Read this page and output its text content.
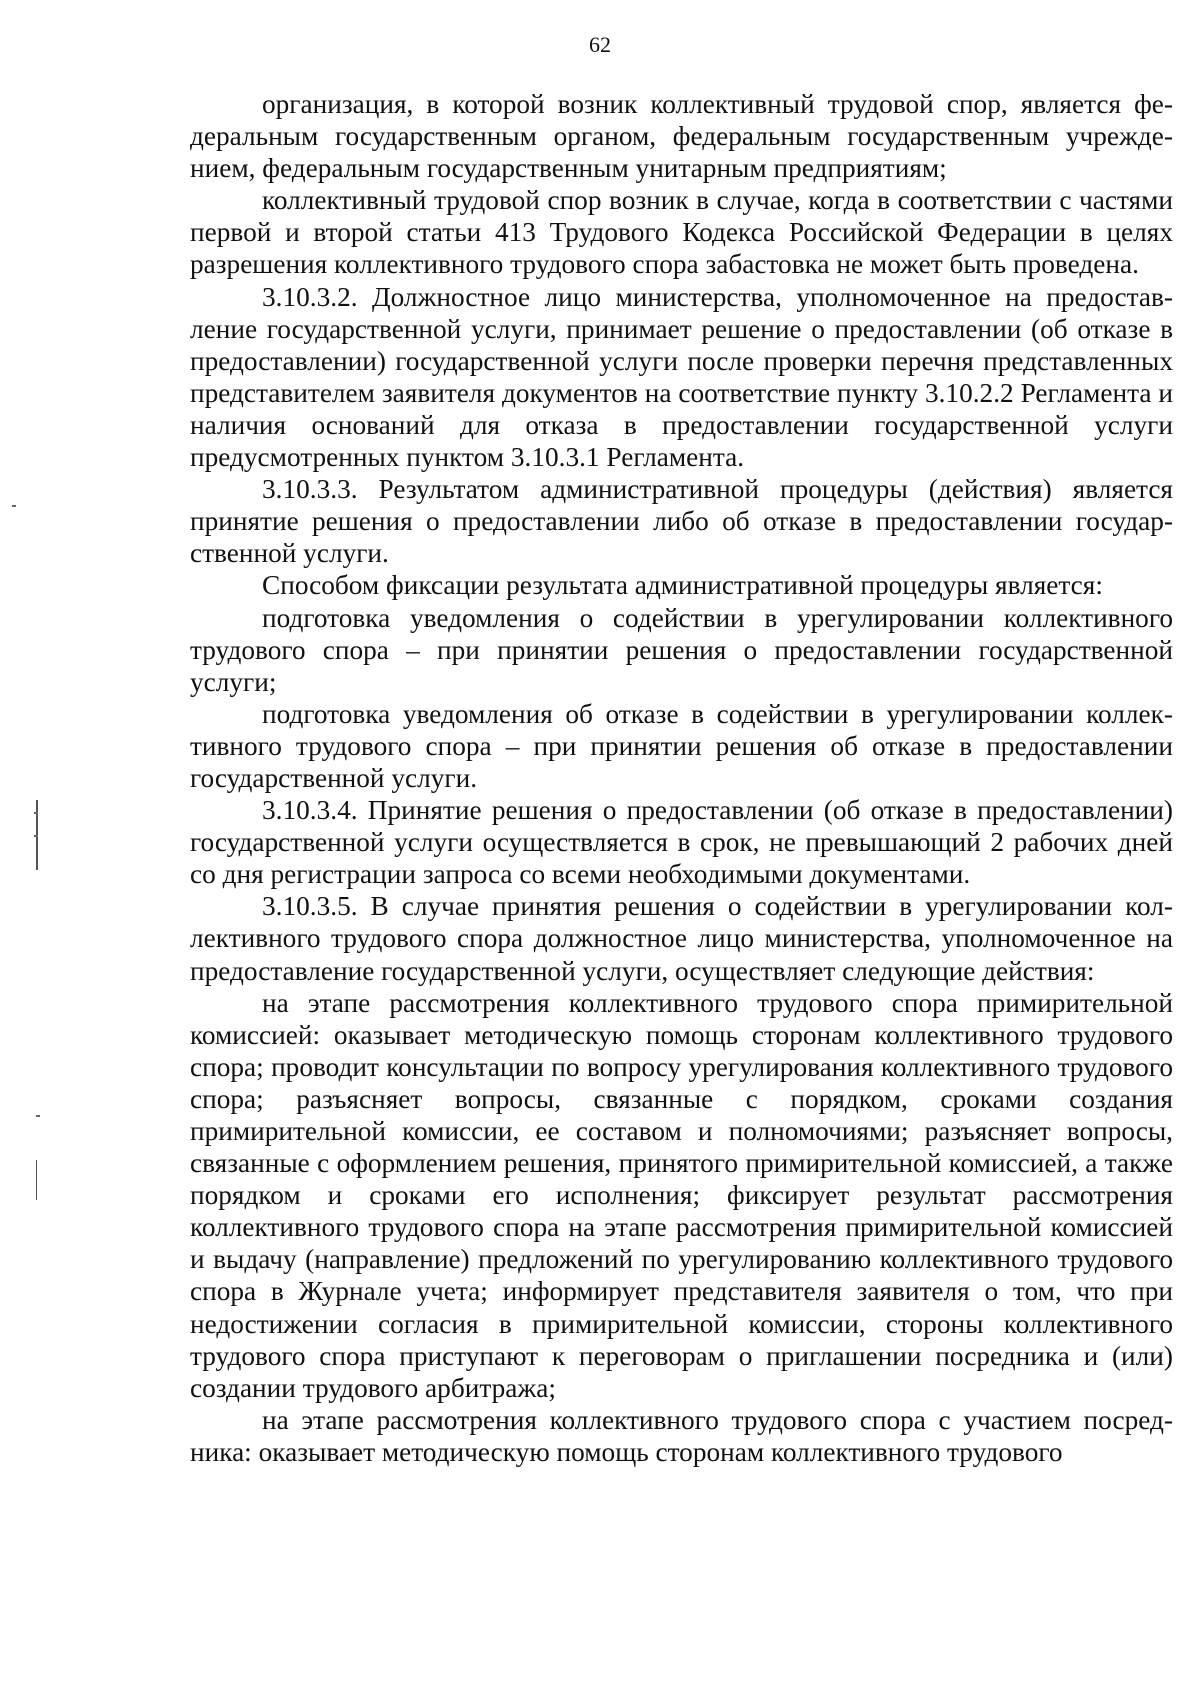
62

организация, в которой возник коллективный трудовой спор, является федеральным государственным органом, федеральным государственным учреждением, федеральным государственным унитарным предприятиям;

коллективный трудовой спор возник в случае, когда в соответствии с частями первой и второй статьи 413 Трудового Кодекса Российской Федерации в целях разрешения коллективного трудового спора забастовка не может быть проведена.

3.10.3.2. Должностное лицо министерства, уполномоченное на предоставление государственной услуги, принимает решение о предоставлении (об отказе в предоставлении) государственной услуги после проверки перечня представленных представителем заявителя документов на соответствие пункту 3.10.2.2 Регламента и наличия оснований для отказа в предоставлении государственной услуги предусмотренных пунктом 3.10.3.1 Регламента.

3.10.3.3. Результатом административной процедуры (действия) является принятие решения о предоставлении либо об отказе в предоставлении государственной услуги.

Способом фиксации результата административной процедуры является:

подготовка уведомления о содействии в урегулировании коллективного трудового спора – при принятии решения о предоставлении государственной услуги;

подготовка уведомления об отказе в содействии в урегулировании коллективного трудового спора – при принятии решения об отказе в предоставлении государственной услуги.

3.10.3.4. Принятие решения о предоставлении (об отказе в предоставлении) государственной услуги осуществляется в срок, не превышающий 2 рабочих дней со дня регистрации запроса со всеми необходимыми документами.

3.10.3.5. В случае принятия решения о содействии в урегулировании коллективного трудового спора должностное лицо министерства, уполномоченное на предоставление государственной услуги, осуществляет следующие действия:

на этапе рассмотрения коллективного трудового спора примирительной комиссией: оказывает методическую помощь сторонам коллективного трудового спора; проводит консультации по вопросу урегулирования коллективного трудового спора; разъясняет вопросы, связанные с порядком, сроками создания примирительной комиссии, ее составом и полномочиями; разъясняет вопросы, связанные с оформлением решения, принятого примирительной комиссией, а также порядком и сроками его исполнения; фиксирует результат рассмотрения коллективного трудового спора на этапе рассмотрения примирительной комиссией и выдачу (направление) предложений по урегулированию коллективного трудового спора в Журнале учета; информирует представителя заявителя о том, что при недостижении согласия в примирительной комиссии, стороны коллективного трудового спора приступают к переговорам о приглашении посредника и (или) создании трудового арбитража;

на этапе рассмотрения коллективного трудового спора с участием посредника: оказывает методическую помощь сторонам коллективного трудового
